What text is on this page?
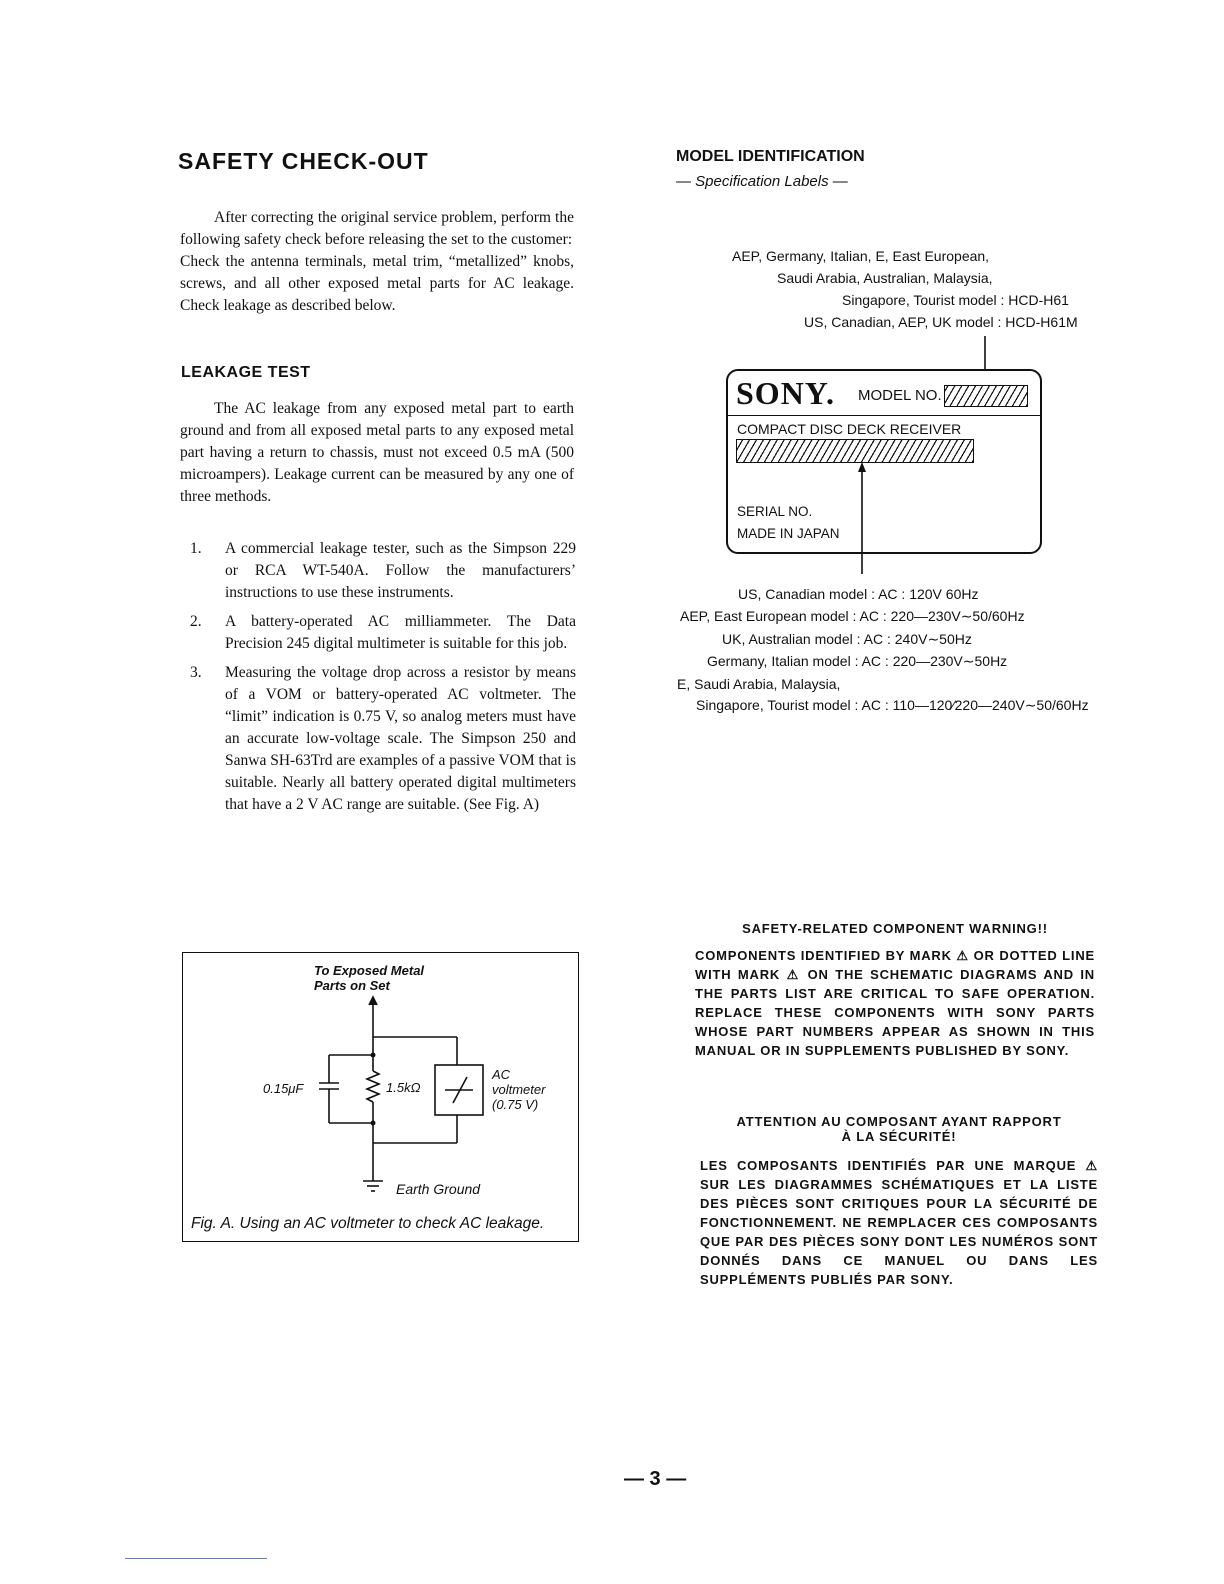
SAFETY CHECK-OUT

After correcting the original service problem, perform the following safety check before releasing the set to the customer:

Check the antenna terminals, metal trim, “metallized” knobs, screws, and all other exposed metal parts for AC leakage. Check leakage as described below.

LEAKAGE TEST

The AC leakage from any exposed metal part to earth ground and from all exposed metal parts to any exposed metal part having a return to chassis, must not exceed 0.5 mA (500 microampers). Leakage current can be measured by any one of three methods.

1. A commercial leakage tester, such as the Simpson 229 or RCA WT-540A. Follow the manufacturers’ instructions to use these instruments.
2. A battery-operated AC milliammeter. The Data Precision 245 digital multimeter is suitable for this job.
3. Measuring the voltage drop across a resistor by means of a VOM or battery-operated AC voltmeter. The “limit” indication is 0.75 V, so analog meters must have an accurate low-voltage scale. The Simpson 250 and Sanwa SH-63Trd are examples of a passive VOM that is suitable. Nearly all battery operated digital multimeters that have a 2 V AC range are suitable. (See Fig. A)
To Exposed Metal
Parts on Set
0.15μF	1.5kΩ
AC
voltmeter
(0.75 V)
Earth Ground
Fig. A. Using an AC voltmeter to check AC leakage.
MODEL IDENTIFICATION
— Specification Labels —
AEP, Germany, Italian, E, East European,
Saudi Arabia, Australian, Malaysia,
Singapore, Tourist model : HCD-H61
US, Canadian, AEP, UK model : HCD-H61M
SONY. MODEL NO.
COMPACT DISC DECK RECEIVER
SERIAL NO.
MADE IN JAPAN
US, Canadian model : AC : 120V 60Hz
AEP, East European model : AC : 220—230V∼50/60Hz
UK, Australian model : AC : 240V∼50Hz
Germany, Italian model : AC : 220—230V∼50Hz
E, Saudi Arabia, Malaysia,
Singapore, Tourist model : AC : 110—120⁄220—240V∼50/60Hz
SAFETY-RELATED COMPONENT WARNING!!
COMPONENTS IDENTIFIED BY MARK ⚠ OR DOTTED LINE WITH MARK ⚠ ON THE SCHEMATIC DIAGRAMS AND IN THE PARTS LIST ARE CRITICAL TO SAFE OPERATION. REPLACE THESE COMPONENTS WITH SONY PARTS WHOSE PART NUMBERS APPEAR AS SHOWN IN THIS MANUAL OR IN SUPPLEMENTS PUBLISHED BY SONY.
ATTENTION AU COMPOSANT AYANT RAPPORT
À LA SÉCURITÉ!
LES COMPOSANTS IDENTIFIÉS PAR UNE MARQUE ⚠ SUR LES DIAGRAMMES SCHÉMATIQUES ET LA LISTE DES PIÈCES SONT CRITIQUES POUR LA SÉCURITÉ DE FONCTIONNEMENT. NE REMPLACER CES COMPOSANTS QUE PAR DES PIÈCES SONY DONT LES NUMÉROS SONT DONNÉS DANS CE MANUEL OU DANS LES SUPPLÉMENTS PUBLIÉS PAR SONY.
— 3 —
